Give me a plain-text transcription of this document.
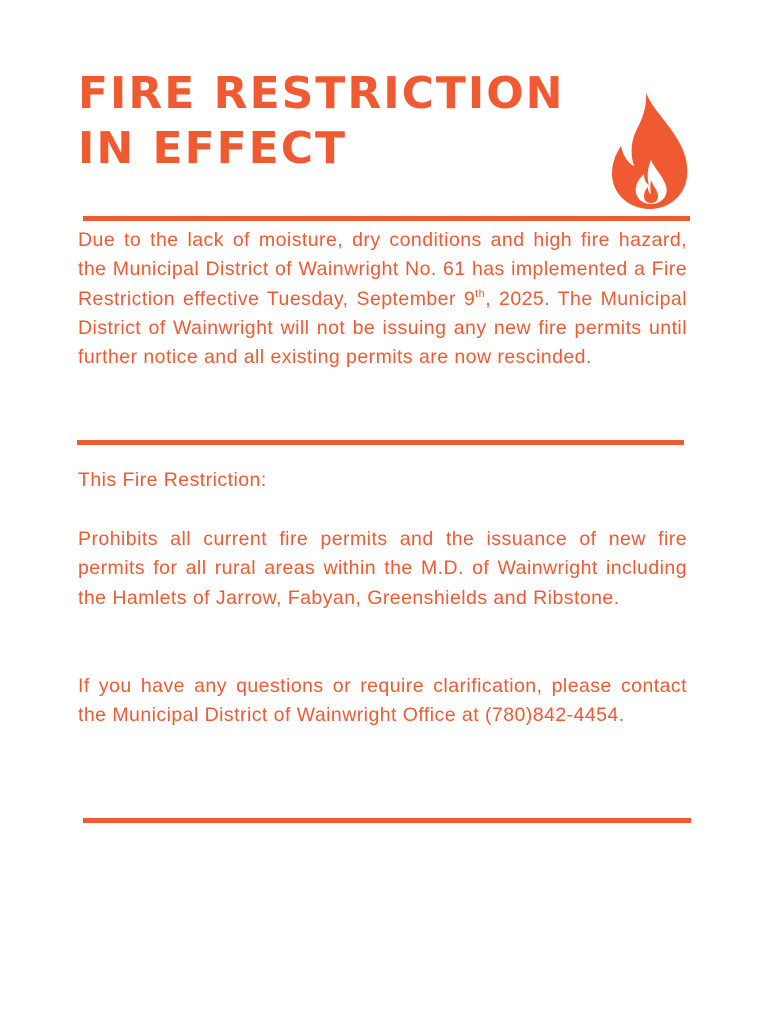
FIRE RESTRICTION
IN EFFECT

Due to the lack of moisture, dry conditions and high fire hazard, the Municipal District of Wainwright No. 61 has implemented a Fire Restriction effective Tuesday, September 9th, 2025. The Municipal District of Wainwright will not be issuing any new fire permits until further notice and all existing permits are now rescinded.

This Fire Restriction:

Prohibits all current fire permits and the issuance of new fire permits for all rural areas within the M.D. of Wainwright including the Hamlets of Jarrow, Fabyan, Greenshields and Ribstone.

If you have any questions or require clarification, please contact the Municipal District of Wainwright Office at (780)842-4454.
